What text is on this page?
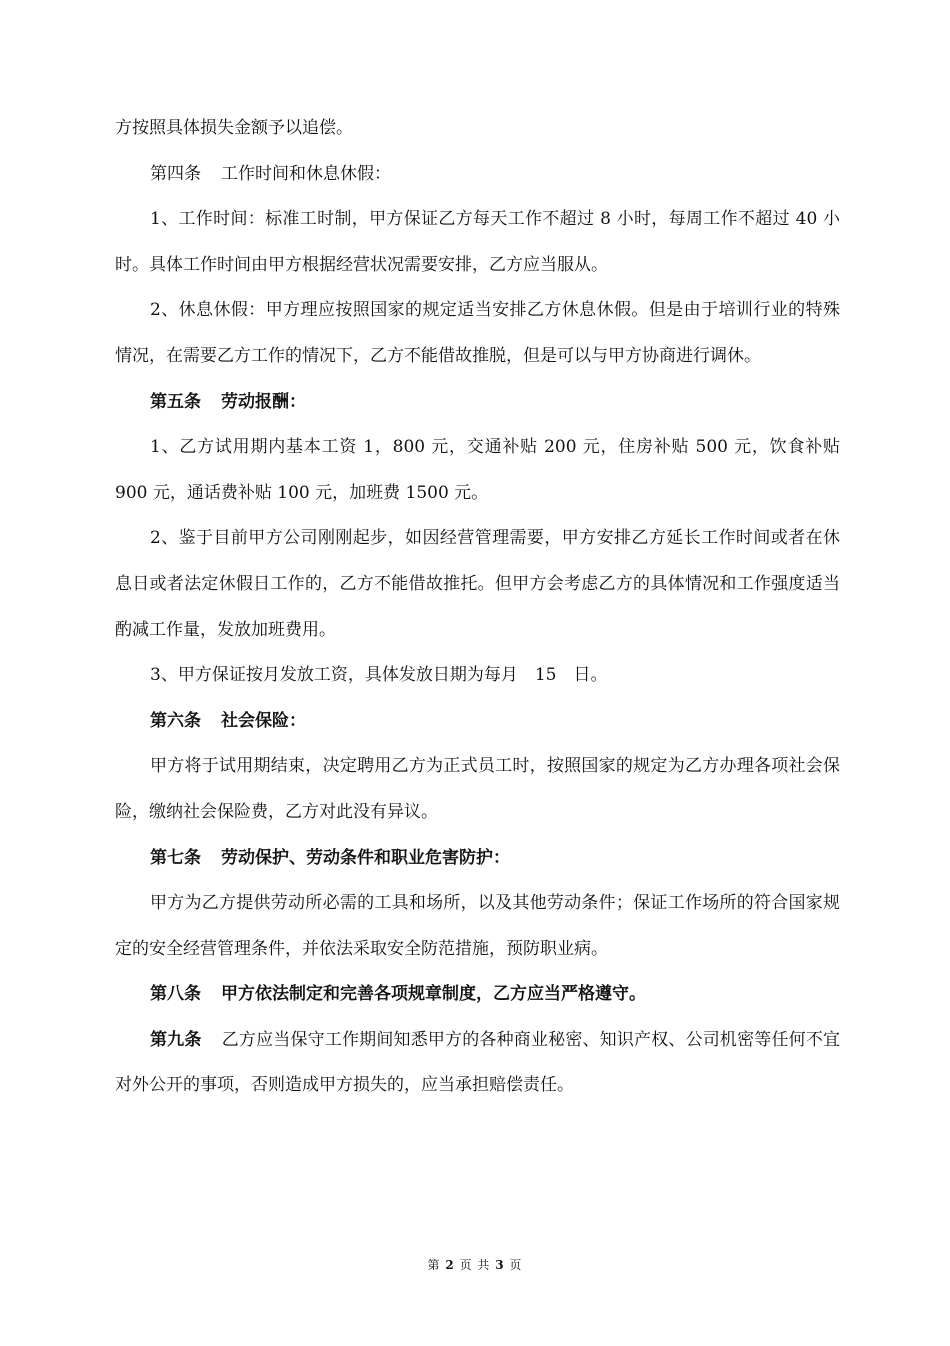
方按照具体损失金额予以追偿。

第四条 工作时间和休息休假：

1、工作时间：标准工时制，甲方保证乙方每天工作不超过 8 小时，每周工作不超过 40 小时。具体工作时间由甲方根据经营状况需要安排，乙方应当服从。

2、休息休假：甲方理应按照国家的规定适当安排乙方休息休假。但是由于培训行业的特殊情况，在需要乙方工作的情况下，乙方不能借故推脱，但是可以与甲方协商进行调休。

第五条 劳动报酬：

1、乙方试用期内基本工资 1，800 元，交通补贴 200 元，住房补贴 500 元，饮食补贴 900 元，通话费补贴 100 元，加班费 1500 元。

2、鉴于目前甲方公司刚刚起步，如因经营管理需要，甲方安排乙方延长工作时间或者在休息日或者法定休假日工作的，乙方不能借故推托。但甲方会考虑乙方的具体情况和工作强度适当酌减工作量，发放加班费用。

3、甲方保证按月发放工资，具体发放日期为每月　15　日。

第六条 社会保险：

甲方将于试用期结束，决定聘用乙方为正式员工时，按照国家的规定为乙方办理各项社会保险，缴纳社会保险费，乙方对此没有异议。

第七条 劳动保护、劳动条件和职业危害防护：

甲方为乙方提供劳动所必需的工具和场所，以及其他劳动条件；保证工作场所的符合国家规定的安全经营管理条件，并依法采取安全防范措施，预防职业病。

第八条 甲方依法制定和完善各项规章制度，乙方应当严格遵守。

第九条 乙方应当保守工作期间知悉甲方的各种商业秘密、知识产权、公司机密等任何不宜对外公开的事项，否则造成甲方损失的，应当承担赔偿责任。

第 2 页 共 3 页
